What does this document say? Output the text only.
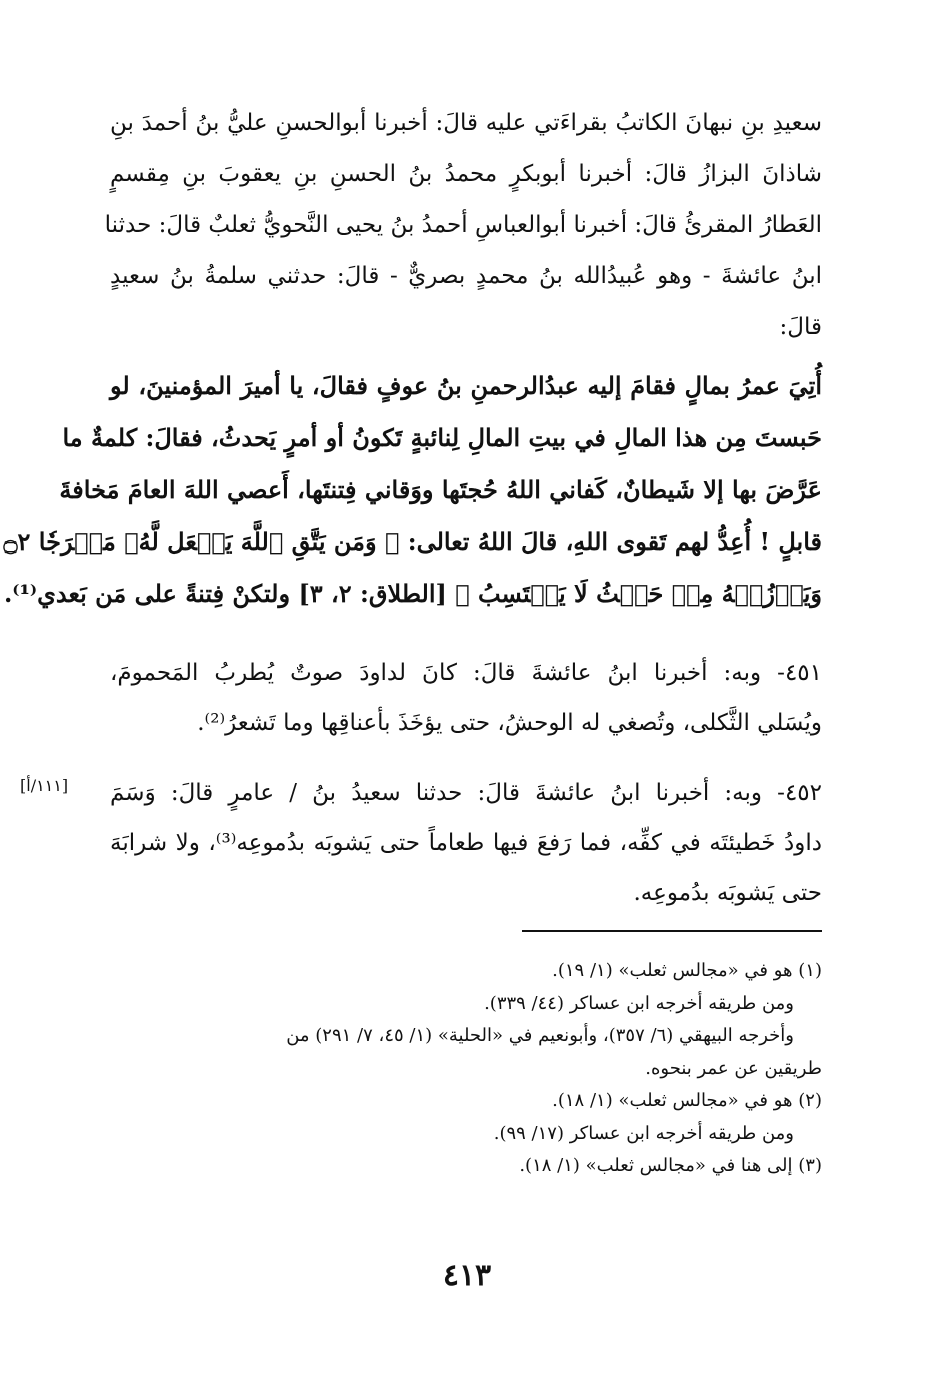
سعيدِ بنِ نبهانَ الكاتبُ بقراءَتي عليه قالَ: أخبرنا أبوالحسنِ عليُّ بنُ أحمدَ بنِ
شاذانَ البزازُ قالَ: أخبرنا أبوبكرٍ محمدُ بنُ الحسنِ بنِ يعقوبَ بنِ مِقسمٍ
العَطارُ المقرئُ قالَ: أخبرنا أبوالعباسِ أحمدُ بنُ يحيى النَّحويُّ ثعلبٌ قالَ: حدثنا
ابنُ عائشةَ - وهو عُبيدُالله بنُ محمدٍ بصريٌّ - قالَ: حدثني سلمةُ بنُ سعيدٍ
قالَ:
أُتِيَ عمرُ بمالٍ فقامَ إليه عبدُالرحمنِ بنُ عوفٍ فقالَ، يا أميرَ المؤمنينَ، لو
حَبستَ مِن هذا المالِ في بيتِ المالِ لِنائبةٍ تَكونُ أو أمرٍ يَحدثُ، فقالَ: كلمةٌ ما
عَرَّضَ بها إلا شَيطانٌ، كَفاني اللهُ حُجتَها ووَقاني فِتنتَها، أَعصي اللهَ العامَ مَخافةَ
قابلٍ ! أُعِدُّ لهم تَقوى اللهِ، قالَ اللهُ تعالى: ﴿ وَمَن يَتَّقِ ٱللَّهَ يَجۡعَل لَّهُۥ مَخۡرَجٗا ۝٢
وَيَرۡزُقۡهُ مِنۡ حَيۡثُ لَا يَحۡتَسِبُ ﴾ [الطلاق: ٢، ٣] ولتكنْ فِتنةً على مَن بَعدي⁽¹⁾.
٤٥١- وبه: أخبرنا ابنُ عائشةَ قالَ: كانَ لداودَ صوتٌ يُطربُ المَحمومَ،
ويُسَلي الثَّكلى، وتُصغي له الوحشُ، حتى يؤخَذَ بأعناقِها وما تَشعرُ⁽²⁾.
[١١١/أ] ٤٥٢- وبه: أخبرنا ابنُ عائشةَ قالَ: حدثنا سعيدُ بنُ / عامرٍ قالَ: وَسَمَ
داودُ خَطيئتَه في كفِّه، فما رَفعَ فيها طعاماً حتى يَشوبَه بدُموعِه⁽³⁾، ولا شرابَهَ
حتى يَشوبَه بدُموعِه.
(١) هو في «مجالس ثعلب» (١/ ١٩).
ومن طريقه أخرجه ابن عساكر (٤٤/ ٣٣٩).
وأخرجه البيهقي (٦/ ٣٥٧)، وأبونعيم في «الحلية» (١/ ٤٥، ٧/ ٢٩١) من
طريقين عن عمر بنحوه.
(٢) هو في «مجالس ثعلب» (١/ ١٨).
ومن طريقه أخرجه ابن عساكر (١٧/ ٩٩).
(٣) إلى هنا في «مجالس ثعلب» (١/ ١٨).
٤١٣
